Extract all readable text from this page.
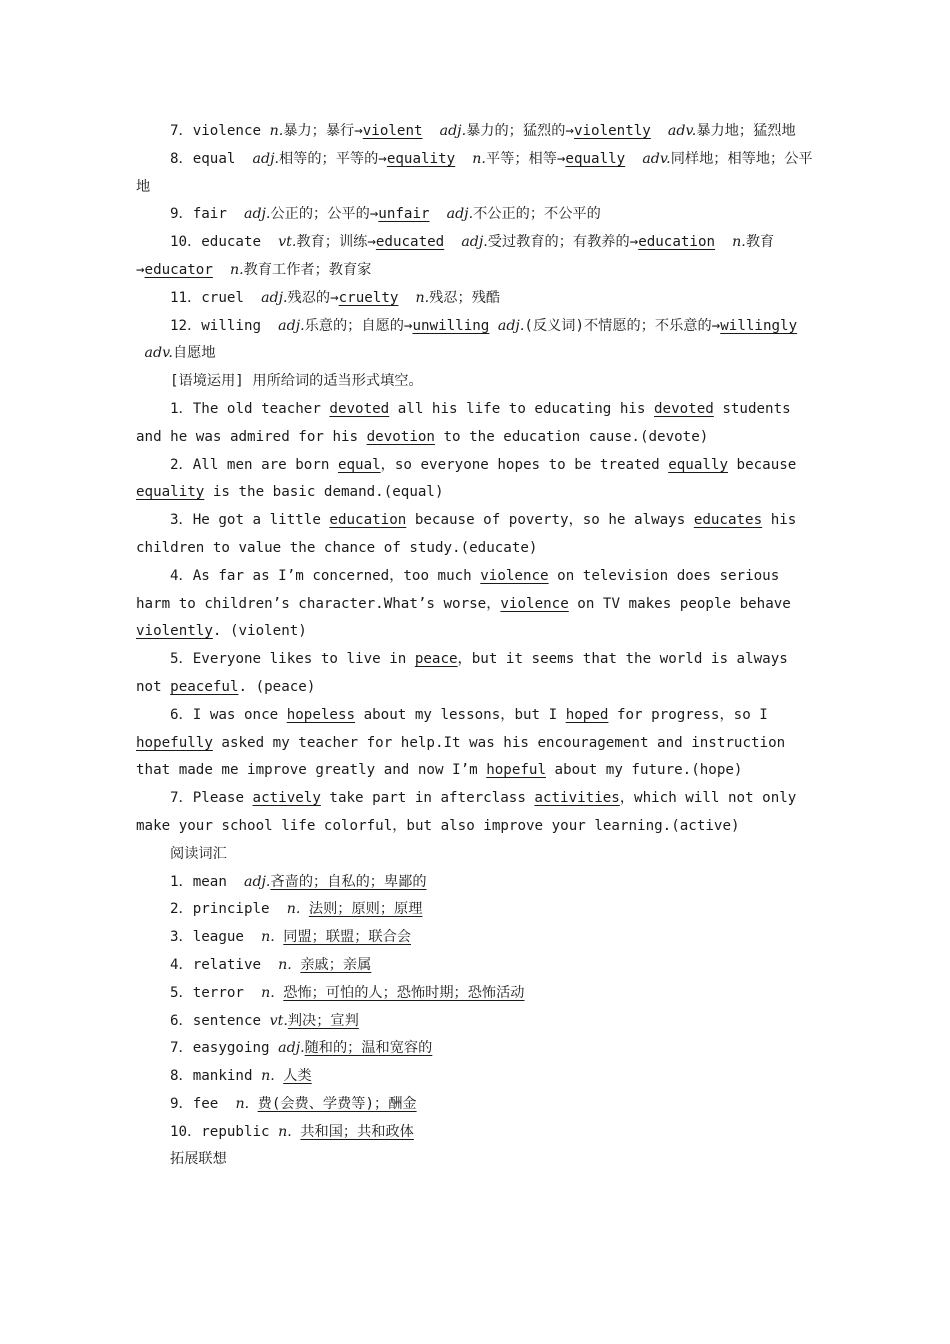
7．violence n.暴力；暴行→violent adj.暴力的；猛烈的→violently adv.暴力地；猛烈地

8．equal  adj.相等的；平等的→equality n.平等；相等→equally adv.同样地；相等地；公平地

9．fair  adj.公正的；公平的→unfair adj.不公正的；不公平的

10．educate  vt.教育；训练→educated adj.受过教育的；有教养的→education n.教育→educator n.教育工作者；教育家

11．cruel  adj.残忍的→cruelty n.残忍；残酷

12．willing  adj.乐意的；自愿的→unwilling adj.(反义词)不情愿的；不乐意的→willingly adv.自愿地

[语境运用] 用所给词的适当形式填空。

1．The old teacher devoted all his life to educating his devoted students and he was admired for his devotion to the education cause.(devote)

2．All men are born equal，so everyone hopes to be treated equally because equality is the basic demand.(equal)

3．He got a little education because of poverty，so he always educates his children to value the chance of study.(educate)

4．As far as I’m concerned，too much violence on television does serious harm to children’s character.What’s worse，violence on TV makes people behave violently. (violent)

5．Everyone likes to live in peace，but it seems that the world is always not peaceful. (peace)

6．I was once hopeless about my lessons，but I hoped for progress，so I hopefully asked my teacher for help.It was his encouragement and instruction that made me improve greatly and now I’m hopeful about my future.(hope)

7．Please actively take part in afterclass activities，which will not only make your school life colorful，but also improve your learning.(active)

阅读词汇

1．mean  adj.吝啬的；自私的；卑鄙的

2．principle  n. 法则；原则；原理

3．league  n. 同盟；联盟；联合会

4．relative  n. 亲戚；亲属

5．terror  n. 恐怖；可怕的人；恐怖时期；恐怖活动

6．sentence vt.判决；宣判

7．easygoing adj.随和的；温和宽容的

8．mankind n. 人类

9．fee  n. 费(会费、学费等)；酬金

10．republic n. 共和国；共和政体

拓展联想
